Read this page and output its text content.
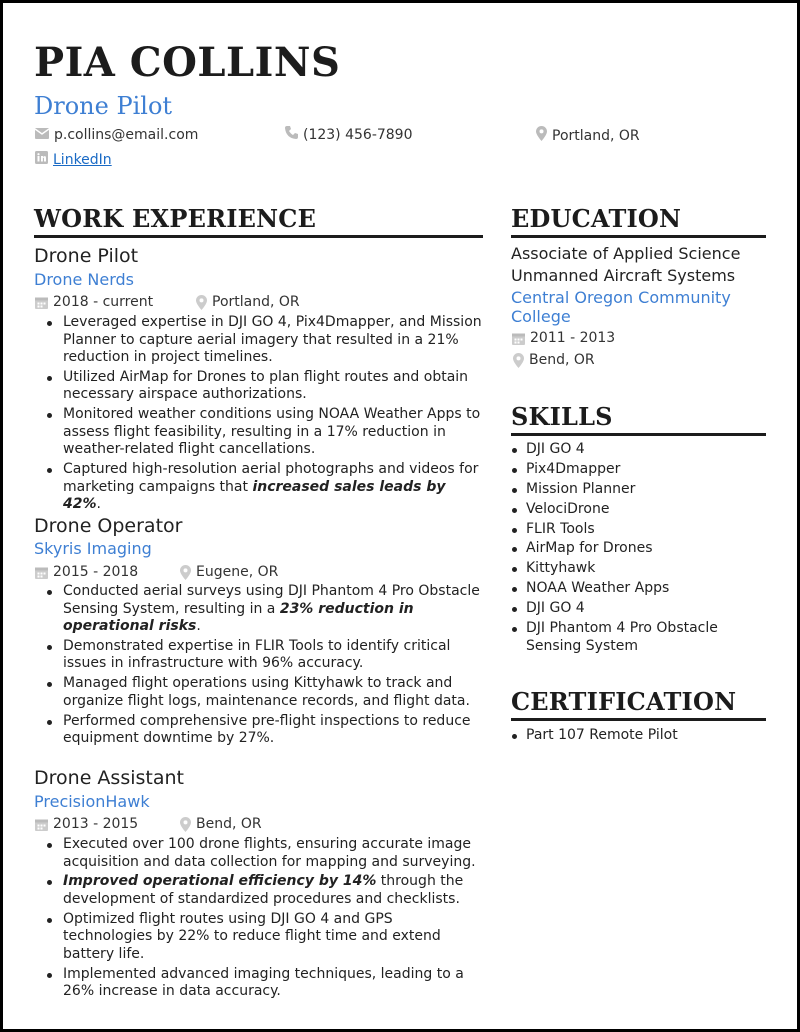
PIA COLLINS
Drone Pilot
p.collins@email.com	(123) 456-7890	Portland, OR
LinkedIn
WORK EXPERIENCE
Drone Pilot
Drone Nerds
2018 - current	Portland, OR
Leveraged expertise in DJI GO 4, Pix4Dmapper, and Mission Planner to capture aerial imagery that resulted in a 21% reduction in project timelines.
Utilized AirMap for Drones to plan flight routes and obtain necessary airspace authorizations.
Monitored weather conditions using NOAA Weather Apps to assess flight feasibility, resulting in a 17% reduction in weather-related flight cancellations.
Captured high-resolution aerial photographs and videos for marketing campaigns that increased sales leads by 42%.
Drone Operator
Skyris Imaging
2015 - 2018	Eugene, OR
Conducted aerial surveys using DJI Phantom 4 Pro Obstacle Sensing System, resulting in a 23% reduction in operational risks.
Demonstrated expertise in FLIR Tools to identify critical issues in infrastructure with 96% accuracy.
Managed flight operations using Kittyhawk to track and organize flight logs, maintenance records, and flight data.
Performed comprehensive pre-flight inspections to reduce equipment downtime by 27%.
Drone Assistant
PrecisionHawk
2013 - 2015	Bend, OR
Executed over 100 drone flights, ensuring accurate image acquisition and data collection for mapping and surveying.
Improved operational efficiency by 14% through the development of standardized procedures and checklists.
Optimized flight routes using DJI GO 4 and GPS technologies by 22% to reduce flight time and extend battery life.
Implemented advanced imaging techniques, leading to a 26% increase in data accuracy.
EDUCATION
Associate of Applied Science
Unmanned Aircraft Systems
Central Oregon Community College
2011 - 2013
Bend, OR
SKILLS
DJI GO 4
Pix4Dmapper
Mission Planner
VelociDrone
FLIR Tools
AirMap for Drones
Kittyhawk
NOAA Weather Apps
DJI GO 4
DJI Phantom 4 Pro Obstacle Sensing System
CERTIFICATION
Part 107 Remote Pilot
